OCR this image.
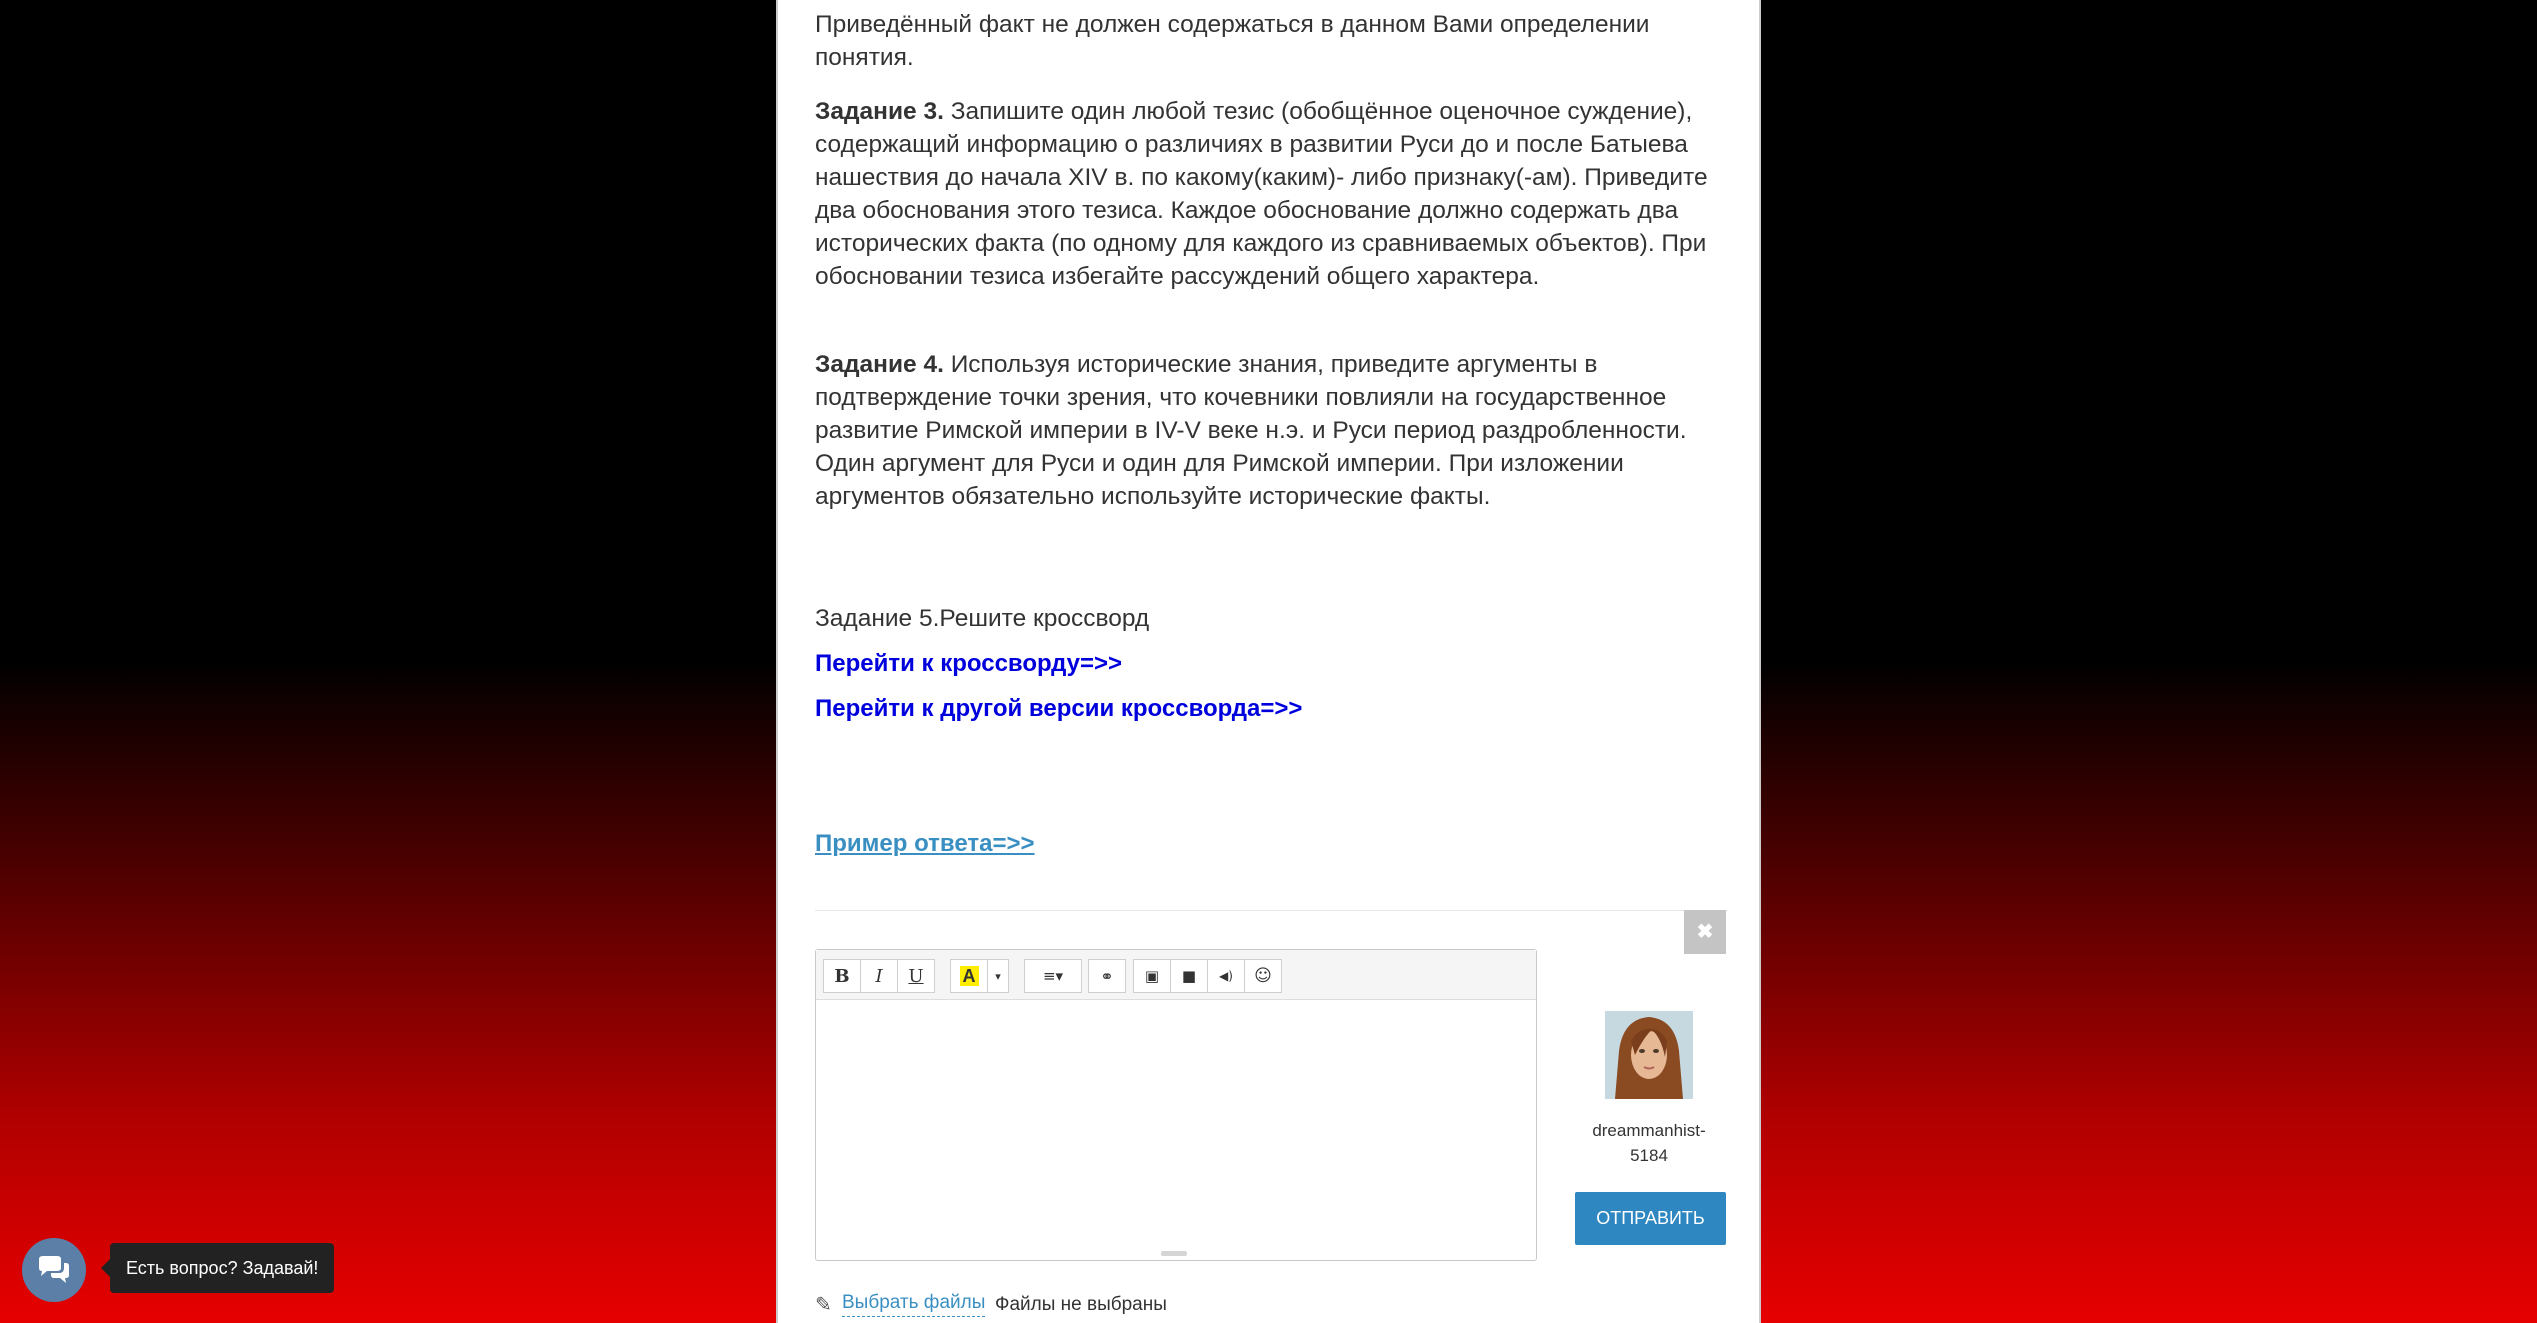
Приведённый факт не должен содержаться в данном Вами определении понятия.

Задание 3. Запишите один любой тезис (обобщённое оценочное суждение), содержащий информацию о различиях в развитии Руси до и после Батыева нашествия до начала XIV в. по какому(каким)- либо признаку(-ам). Приведите два обоснования этого тезиса. Каждое обоснование должно содержать два исторических факта (по одному для каждого из сравниваемых объектов). При обосновании тезиса избегайте рассуждений общего характера.

Задание 4. Используя исторические знания, приведите аргументы в подтверждение точки зрения, что кочевники повлияли на государственное развитие Римской империи в IV-V веке н.э. и Руси период раздробленности. Один аргумент для Руси и один для Римской империи. При изложении аргументов обязательно используйте исторические факты.

Задание 5.Решите кроссворд

Перейти к кроссворду=>>

Перейти к другой версии кроссворда=>>

Пример ответа=>>

✖
B	I	U	A	▾	≡▾	⚭	▣	■	◀)	☺
dreammanhist-5184
ОТПРАВИТЬ
✎ Выбрать файлы Файлы не выбраны
Есть вопрос? Задавай!
